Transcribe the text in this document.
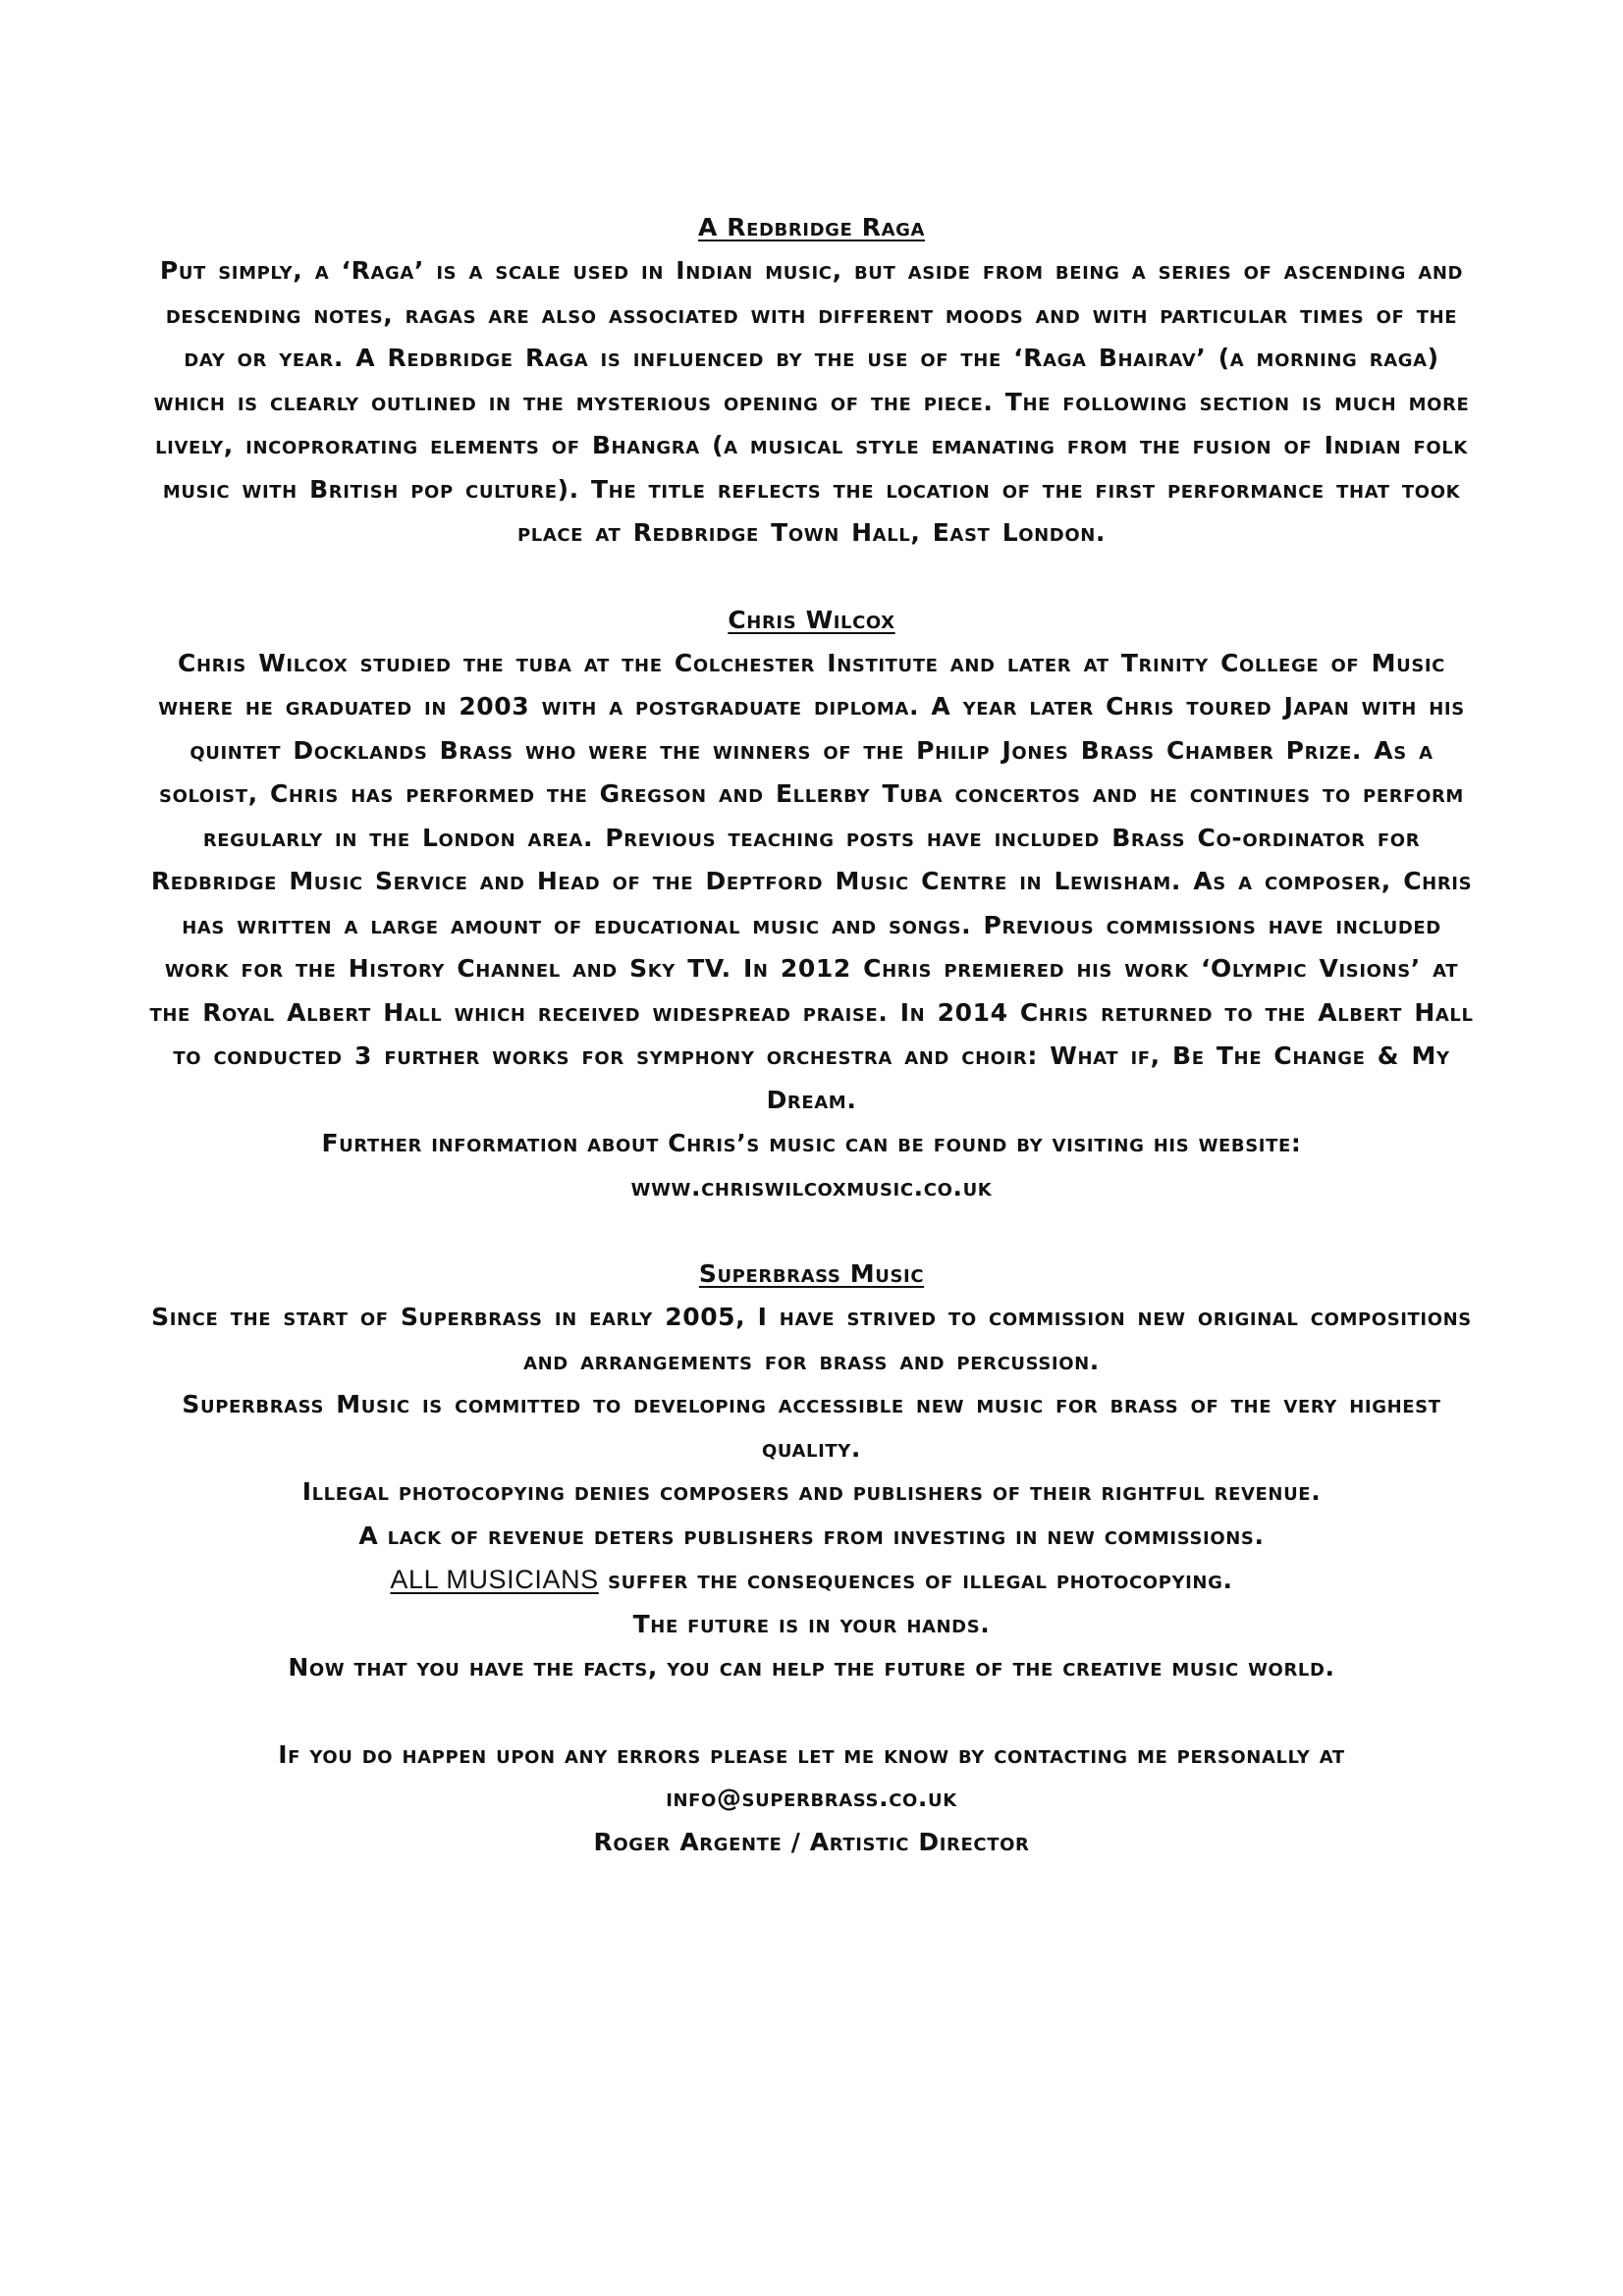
A Redbridge Raga

Put simply, a ‘Raga’ is a scale used in Indian music, but aside from being a series of ascending and descending notes, ragas are also associated with different moods and with particular times of the day or year. A Redbridge Raga is influenced by the use of the ‘Raga Bhairav’ (a morning raga) which is clearly outlined in the mysterious opening of the piece. The following section is much more lively, incoprorating elements of Bhangra (a musical style emanating from the fusion of Indian folk music with British pop culture). The title reflects the location of the first performance that took place at Redbridge Town Hall, East London.

Chris Wilcox

Chris Wilcox studied the tuba at the Colchester Institute and later at Trinity College of Music where he graduated in 2003 with a postgraduate diploma. A year later Chris toured Japan with his quintet Docklands Brass who were the winners of the Philip Jones Brass Chamber Prize. As a soloist, Chris has performed the Gregson and Ellerby Tuba concertos and he continues to perform regularly in the London area. Previous teaching posts have included Brass Co-ordinator for Redbridge Music Service and Head of the Deptford Music Centre in Lewisham. As a composer, Chris has written a large amount of educational music and songs. Previous commissions have included work for the History Channel and Sky TV. In 2012 Chris premiered his work ‘Olympic Visions’ at the Royal Albert Hall which received widespread praise. In 2014 Chris returned to the Albert Hall to conducted 3 further works for symphony orchestra and choir: What if, Be The Change & My Dream.

Further information about Chris’s music can be found by visiting his website:

www.chriswilcoxmusic.co.uk

Superbrass Music

Since the start of Superbrass in early 2005, I have strived to commission new original compositions and arrangements for brass and percussion.

Superbrass Music is committed to developing accessible new music for brass of the very highest quality.

Illegal photocopying denies composers and publishers of their rightful revenue.

A lack of revenue deters publishers from investing in new commissions.

ALL MUSICIANS suffer the consequences of illegal photocopying.

The future is in your hands.

Now that you have the facts, you can help the future of the creative music world.

If you do happen upon any errors please let me know by contacting me personally at

info@superbrass.co.uk

Roger Argente / Artistic Director
